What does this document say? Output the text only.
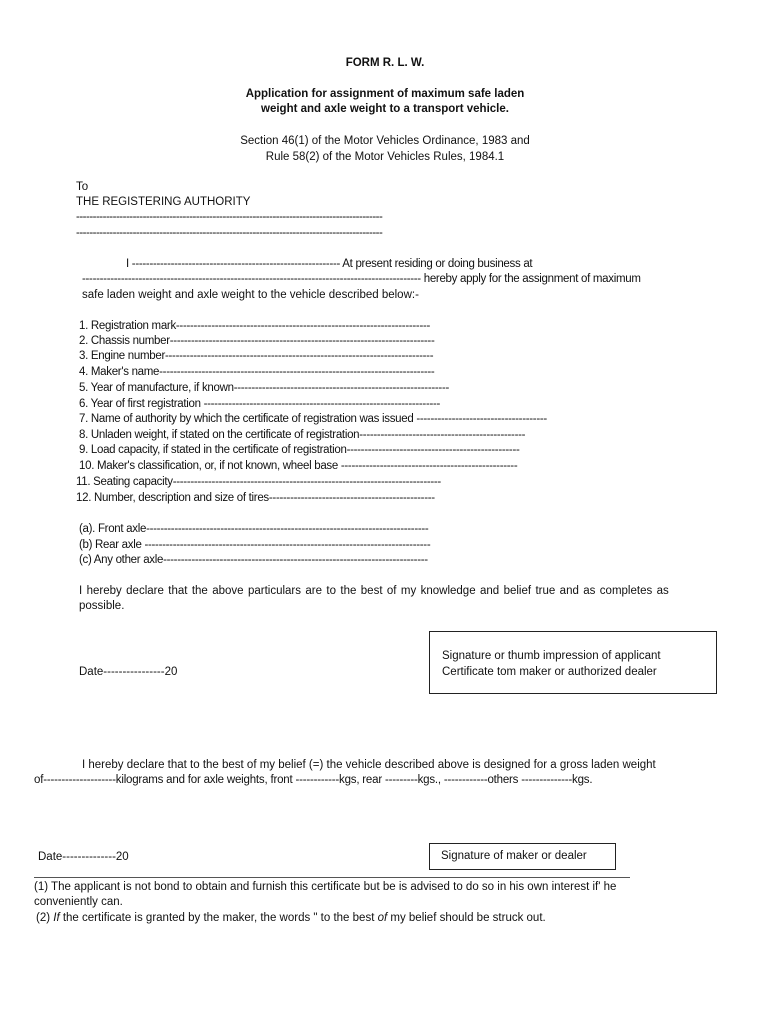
FORM R. L. W.
Application for assignment of maximum safe laden
weight and axle weight to a transport vehicle.
Section 46(1) of the Motor Vehicles Ordinance, 1983 and
Rule 58(2) of the Motor Vehicles Rules, 1984.1
To
THE REGISTERING AUTHORITY
--------------------------------------------------------------------------------------------
--------------------------------------------------------------------------------------------
I ----------------------------------------------------------- At present residing or doing business at
------------------------------------------------------------------------------------------------ hereby apply for the assignment of maximum
safe laden weight and axle weight to the vehicle described below:-
1. Registration mark------------------------------------------------------------------------
2. Chassis number---------------------------------------------------------------------------
3. Engine number----------------------------------------------------------------------------
4. Maker's name------------------------------------------------------------------------------
5. Year of manufacture, if known-------------------------------------------------------------
6. Year of first registration -------------------------------------------------------------------
7. Name of authority by which the certificate of registration was issued -------------------------------------
8. Unladen weight, if stated on the certificate of registration-----------------------------------------------
9. Load capacity, if stated in the certificate of registration-------------------------------------------------
10. Maker's classification, or, if not known, wheel base --------------------------------------------------
11. Seating capacity----------------------------------------------------------------------------
12. Number, description and size of tires-----------------------------------------------
(a). Front axle--------------------------------------------------------------------------------
(b) Rear axle ---------------------------------------------------------------------------------
(c) Any other axle---------------------------------------------------------------------------
I hereby declare that the above particulars are to the best of my knowledge and belief true and as completes as
possible.
Date----------------20
Signature or thumb impression of applicant
Certificate tom maker or authorized dealer
I hereby declare that to the best of my belief (=) the vehicle described above is designed for a gross laden weight
of--------------------kilograms and for axle weights, front ------------kgs, rear ---------kgs., ------------others --------------kgs.
Date--------------20	Signature of maker or dealer
(1) The applicant is not bond to obtain and furnish this certificate but be is advised to do so in his own interest if' he
conveniently can.
(2) If the certificate is granted by the maker, the words " to the best of my belief should be struck out.
